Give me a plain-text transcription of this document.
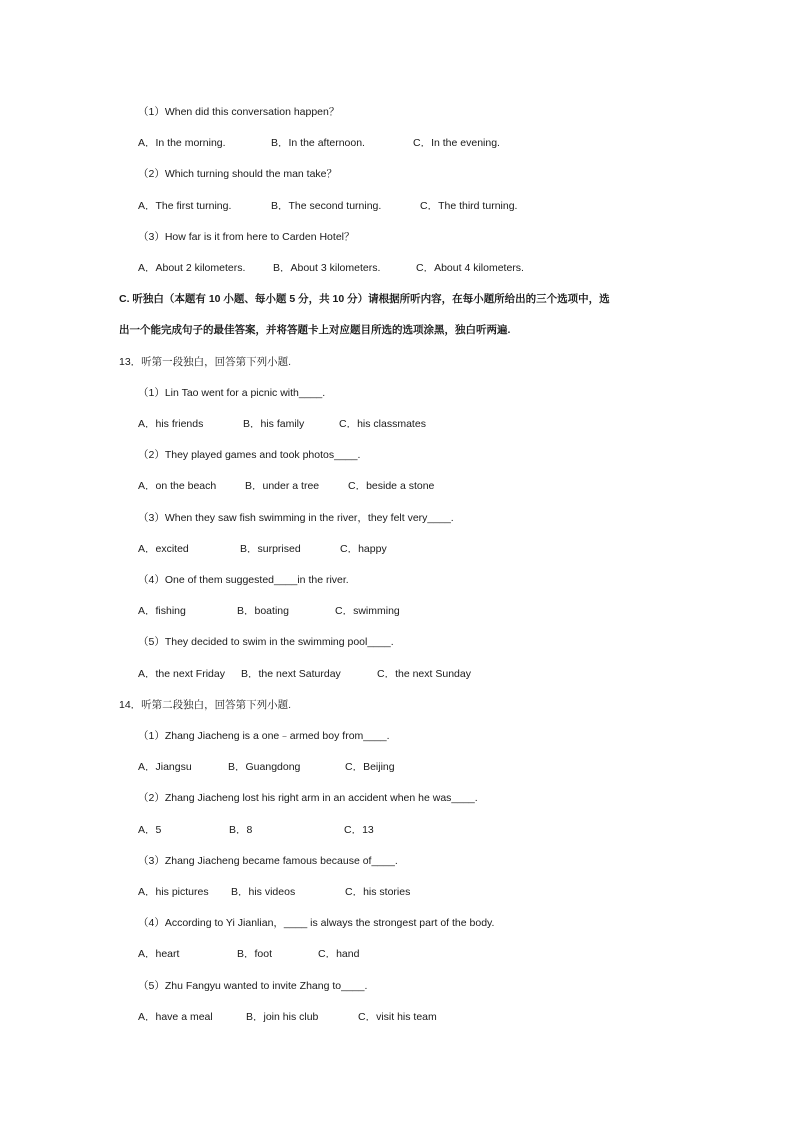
（1）When did this conversation happen？
A．In the morning.	B．In the afternoon.	C．In the evening.
（2）Which turning should the man take？
A．The first turning.	B．The second turning.	C．The third turning.
（3）How far is it from here to Carden Hotel？
A．About 2 kilometers.	B．About 3 kilometers.	C．About 4 kilometers.
C. 听独白（本题有 10 小题、每小题 5 分，共 10 分）请根据所听内容，在每小题所给出的三个选项中，选
出一个能完成句子的最佳答案，并将答题卡上对应题目所选的选项涂黑，独白听两遍.
13．听第一段独白，回答第下列小题.
（1）Lin Tao went for a picnic with____.
A．his friends	B．his family	C．his classmates
（2）They played games and took photos____.
A．on the beach	B．under a tree	C．beside a stone
（3）When they saw fish swimming in the river，they felt very____.
A．excited	B．surprised	C．happy
（4）One of them suggested____in the river.
A．fishing	B．boating	C．swimming
（5）They decided to swim in the swimming pool____.
A．the next Friday B．the next Saturday	C．the next Sunday
14．听第二段独白，回答第下列小题.
（1）Zhang Jiacheng is a one﹣armed boy from____.
A．Jiangsu	B．Guangdong	C．Beijing
（2）Zhang Jiacheng lost his right arm in an accident when he was____.
A．5	B．8	C．13
（3）Zhang Jiacheng became famous because of____.
A．his pictures B．his videos	C．his stories
（4）According to Yi Jianlian，____ is always the strongest part of the body.
A．heart	B．foot	C．hand
（5）Zhu Fangyu wanted to invite Zhang to____.
A．have a meal	B．join his club	C．visit his team
